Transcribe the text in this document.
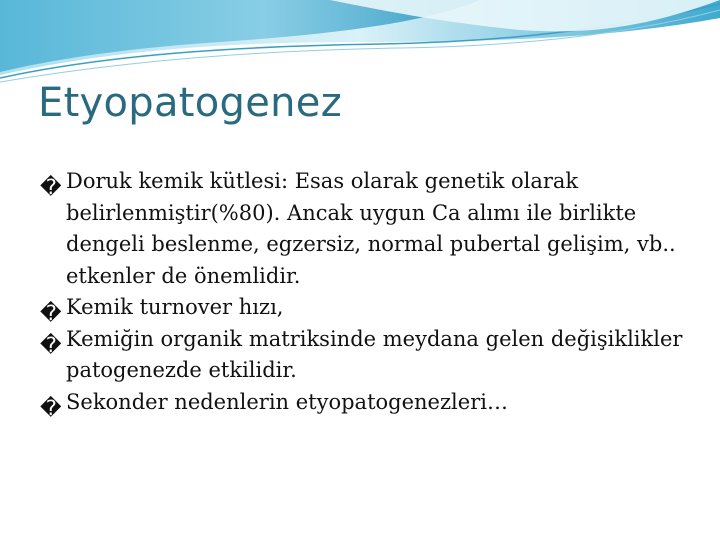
Etyopatogenez
� Doruk kemik kütlesi: Esas olarak genetik olarak belirlenmiştir(%80). Ancak uygun Ca alımı ile birlikte dengeli beslenme, egzersiz, normal pubertal gelişim, vb.. etkenler de önemlidir.
� Kemik turnover hızı,
� Kemiğin organik matriksinde meydana gelen değişiklikler patogenezde etkilidir.
� Sekonder nedenlerin etyopatogenezleri…
